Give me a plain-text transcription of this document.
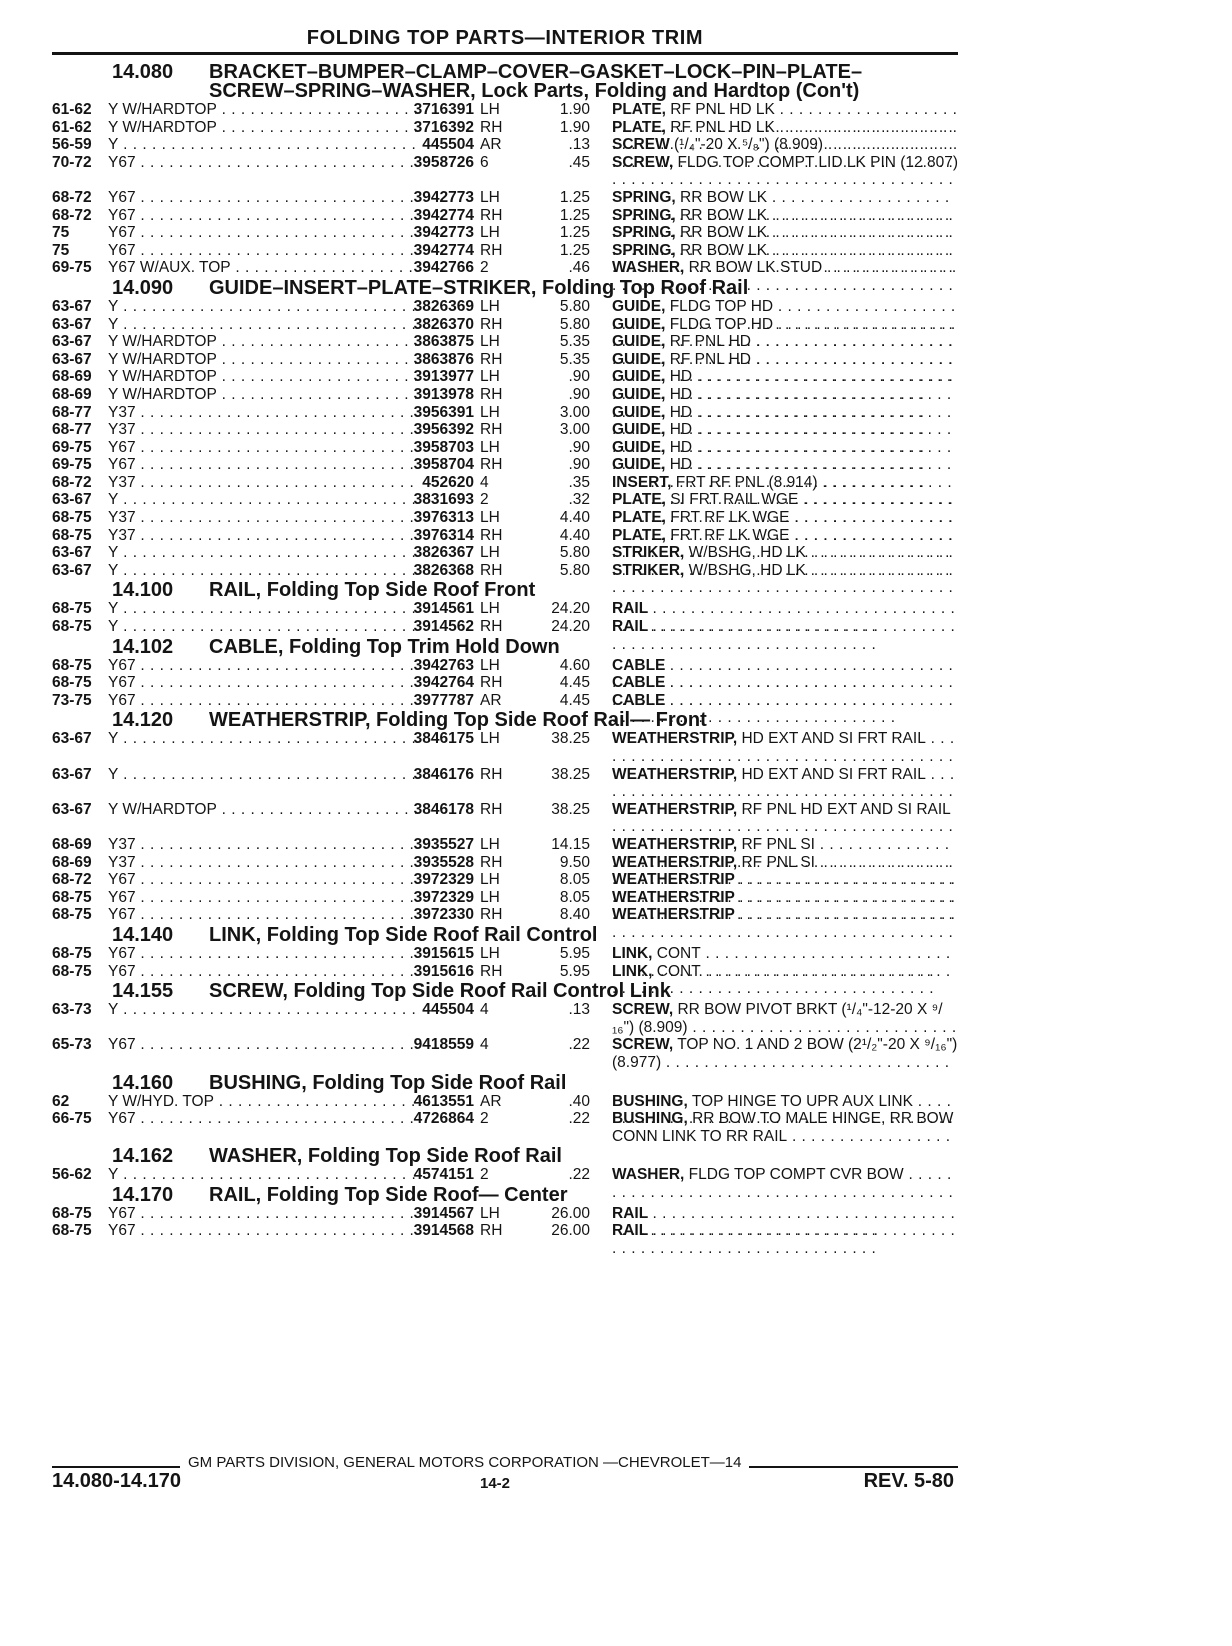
FOLDING TOP PARTS—INTERIOR TRIM
14.080	BRACKET–BUMPER–CLAMP–COVER–GASKET–LOCK–PIN–PLATE–
SCREW–SPRING–WASHER, Lock Parts, Folding and Hardtop (Con't)
61-62	Y W/HARDTOP . . .	3716391 LH	1.90 PLATE, RF PNL HD LK . . .
61-62	Y W/HARDTOP . . .	3716392 RH	1.90 PLATE, RF PNL HD LK . . .
56-59	Y . . .	445504 AR	.13 SCREW (¹/₄"-20 X ⁵/₈") (8.909) . . .
70-72	Y67 . . .	3958726 6	.45 SCREW, FLDG TOP COMPT LID LK PIN (12.807) . . .
68-72	Y67 . . .	3942773 LH	1.25 SPRING, RR BOW LK . . .
68-72	Y67 . . .	3942774 RH	1.25 SPRING, RR BOW LK . . .
75	Y67 . . .	3942773 LH	1.25 SPRING, RR BOW LK . . .
75	Y67 . . .	3942774 RH	1.25 SPRING, RR BOW LK . . .
69-75	Y67 W/AUX. TOP . . .	3942766 2	.46 WASHER, RR BOW LK STUD . . .
14.090	GUIDE–INSERT–PLATE–STRIKER, Folding Top Roof Rail
63-67	Y . . .	3826369 LH	5.80 GUIDE, FLDG TOP HD . . .
63-67	Y . . .	3826370 RH	5.80 GUIDE, FLDG TOP HD . . .
63-67	Y W/HARDTOP . . .	3863875 LH	5.35 GUIDE, RF PNL HD . . .
63-67	Y W/HARDTOP . . .	3863876 RH	5.35 GUIDE, RF PNL HD . . .
68-69	Y W/HARDTOP . . .	3913977 LH	.90 GUIDE, HD . . .
68-69	Y W/HARDTOP . . .	3913978 RH	.90 GUIDE, HD . . .
68-77	Y37 . . .	3956391 LH	3.00 GUIDE, HD . . .
68-77	Y37 . . .	3956392 RH	3.00 GUIDE, HD . . .
69-75	Y67 . . .	3958703 LH	.90 GUIDE, HD . . .
69-75	Y67 . . .	3958704 RH	.90 GUIDE, HD . . .
68-72	Y37 . . .	452620 4	.35 INSERT, FRT RF PNL (8.914) . . .
63-67	Y . . .	3831693 2	.32 PLATE, SI FRT RAIL WGE . . .
68-75	Y37 . . .	3976313 LH	4.40 PLATE, FRT RF LK WGE . . .
68-75	Y37 . . .	3976314 RH	4.40 PLATE, FRT RF LK WGE . . .
63-67	Y . . .	3826367 LH	5.80 STRIKER, W/BSHG, HD LK . . .
63-67	Y . . .	3826368 RH	5.80 STRIKER, W/BSHG, HD LK . . .
14.100	RAIL, Folding Top Side Roof Front
68-75	Y . . .	3914561 LH	24.20 RAIL . . .
68-75	Y . . .	3914562 RH	24.20 RAIL . . .
14.102	CABLE, Folding Top Trim Hold Down
68-75	Y67 . . .	3942763 LH	4.60 CABLE . . .
68-75	Y67 . . .	3942764 RH	4.45 CABLE . . .
73-75	Y67 . . .	3977787 AR	4.45 CABLE . . .
14.120	WEATHERSTRIP, Folding Top Side Roof Rail— Front
63-67	Y . . .	3846175 LH	38.25 WEATHERSTRIP, HD EXT AND SI FRT RAIL . . .
63-67	Y . . .	3846176 RH	38.25 WEATHERSTRIP, HD EXT AND SI FRT RAIL . . .
63-67	Y W/HARDTOP . . .	3846178 RH	38.25 WEATHERSTRIP, RF PNL HD EXT AND SI RAIL . . .
68-69	Y37 . . .	3935527 LH	14.15 WEATHERSTRIP, RF PNL SI . . .
68-69	Y37 . . .	3935528 RH	9.50 WEATHERSTRIP, RF PNL SI . . .
68-72	Y67 . . .	3972329 LH	8.05 WEATHERSTRIP . . .
68-75	Y67 . . .	3972329 LH	8.05 WEATHERSTRIP . . .
68-75	Y67 . . .	3972330 RH	8.40 WEATHERSTRIP . . .
14.140	LINK, Folding Top Side Roof Rail Control
68-75	Y67 . . .	3915615 LH	5.95 LINK, CONT . . .
68-75	Y67 . . .	3915616 RH	5.95 LINK, CONT . . .
14.155	SCREW, Folding Top Side Roof Rail Control Link
63-73	Y . . .	445504 4	.13 SCREW, RR BOW PIVOT BRKT (¹/₄"-12-20 X ⁹/₁₆") (8.909) . . .
65-73	Y67 . . .	9418559 4	.22 SCREW, TOP NO. 1 AND 2 BOW (2¹/₂"-20 X ⁹/₁₆") (8.977) . . .
14.160	BUSHING, Folding Top Side Roof Rail
62	Y W/HYD. TOP . . .	4613551 AR	.40 BUSHING, TOP HINGE TO UPR AUX LINK . . .
66-75	Y67 . . .	4726864 2	.22 BUSHING, RR BOW TO MALE HINGE, RR BOW CONN LINK TO RR RAIL . . .
14.162	WASHER, Folding Top Side Roof Rail
56-62	Y . . .	4574151 2	.22 WASHER, FLDG TOP COMPT CVR BOW . . .
14.170	RAIL, Folding Top Side Roof— Center
68-75	Y67 . . .	3914567 LH	26.00 RAIL . . .
68-75	Y67 . . .	3914568 RH	26.00 RAIL . . .
GM PARTS DIVISION, GENERAL MOTORS CORPORATION —CHEVROLET—14
14.080-14.170	14-2	REV. 5-80
